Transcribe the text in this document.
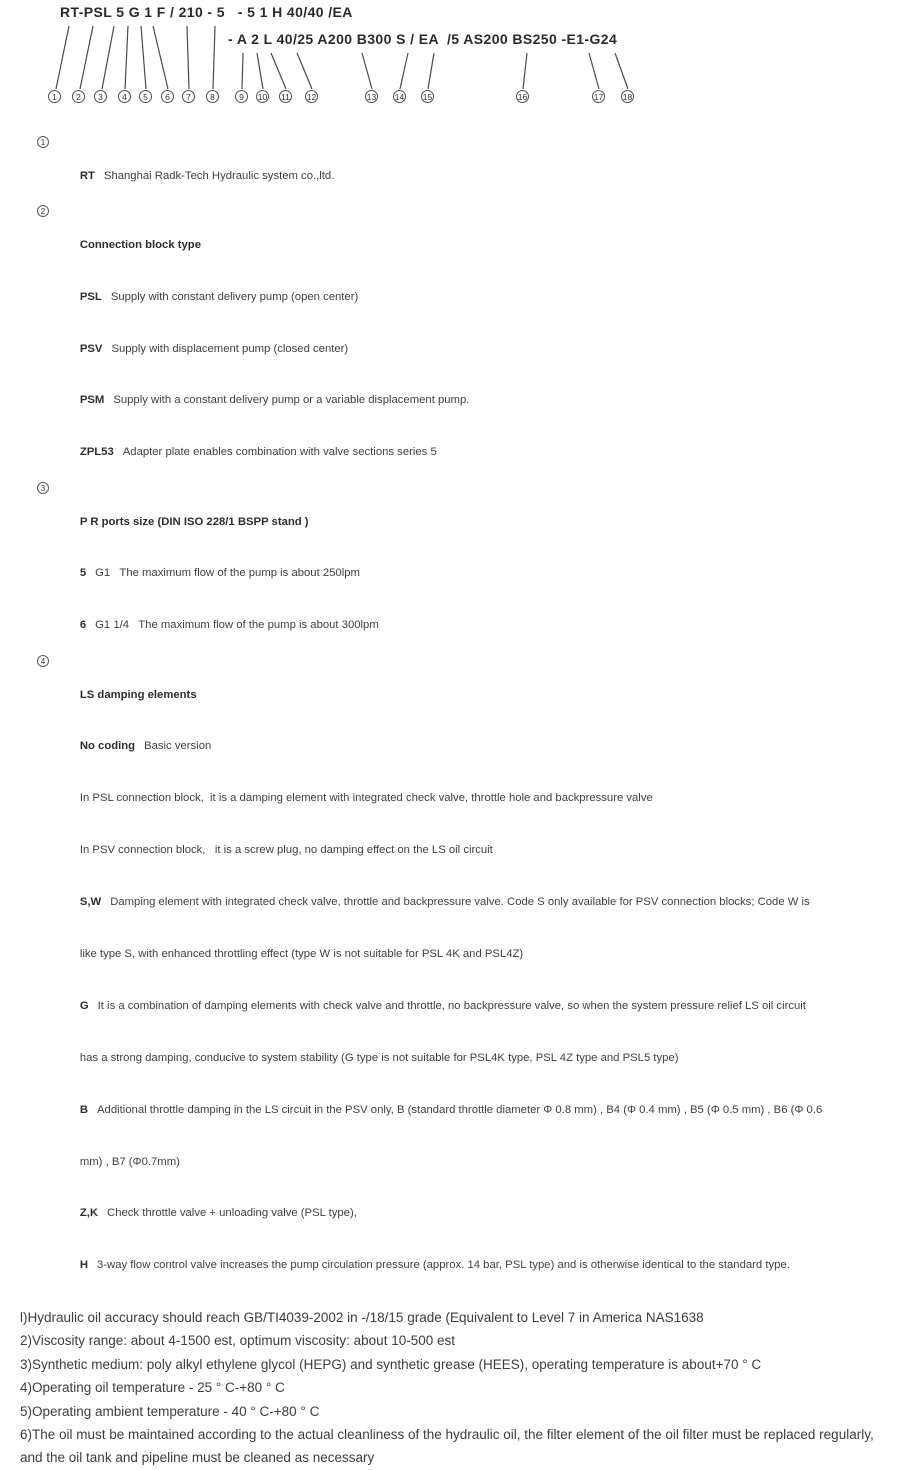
RT-PSL 5 G 1 F / 210 - 5   - 5 1 H 40/40 /EA
- A 2 L 40/25 A200 B300 S / EA  /5 AS200 BS250 -E1-G24
1	2	3	4	5	6	7	8	9	10 11 12	13 14 15	16	17 18

1

RT Shanghai Radk-Tech Hydraulic system co.,ltd.

2

Connection block type

PSL Supply with constant delivery pump (open center)

PSV Supply with displacement pump (closed center)

PSM Supply with a constant delivery pump or a variable displacement pump.

ZPL53 Adapter plate enables combination with valve sections series 5

3

P R ports size (DIN ISO 228/1 BSPP stand )

5 G1   The maximum flow of the pump is about 250lpm

6 G1 1/4   The maximum flow of the pump is about 300lpm

4

LS damping elements

No coding Basic version

In PSL connection block,  it is a damping element with integrated check valve, throttle hole and backpressure valve

In PSV connection block,   it is a screw plug, no damping effect on the LS oil circuit

S,W Damping element with integrated check valve, throttle and backpressure valve. Code S only available for PSV connection blocks; Code W is

like type S, with enhanced throttling effect (type W is not suitable for PSL 4K and PSL4Z)

G It is a combination of damping elements with check valve and throttle, no backpressure valve, so when the system pressure relief LS oil circuit

has a strong damping, conducive to system stability (G type is not suitable for PSL4K type, PSL 4Z type and PSL5 type)

B Additional throttle damping in the LS circuit in the PSV only, B (standard throttle diameter Φ 0.8 mm) , B4 (Φ 0.4 mm) , B5 (Φ 0.5 mm) , B6 (Φ 0.6

mm) , B7 (Φ0.7mm)

Z,K Check throttle valve + unloading valve (PSL type),

H 3-way flow control valve increases the pump circulation pressure (approx. 14 bar, PSL type) and is otherwise identical to the standard type.

l)Hydraulic oil accuracy should reach GB/TI4039-2002 in -/18/15 grade (Equivalent to Level 7 in America NAS1638
2)Viscosity range: about 4-1500 est, optimum viscosity: about 10-500 est
3)Synthetic medium: poly alkyl ethylene glycol (HEPG) and synthetic grease (HEES), operating temperature is about+70 ° C
4)Operating oil temperature - 25 ° C-+80 ° C
5)Operating ambient temperature - 40 ° C-+80 ° C
6)The oil must be maintained according to the actual cleanliness of the hydraulic oil, the filter element of the oil filter must be replaced regularly, and the oil tank and pipeline must be cleaned as necessary
